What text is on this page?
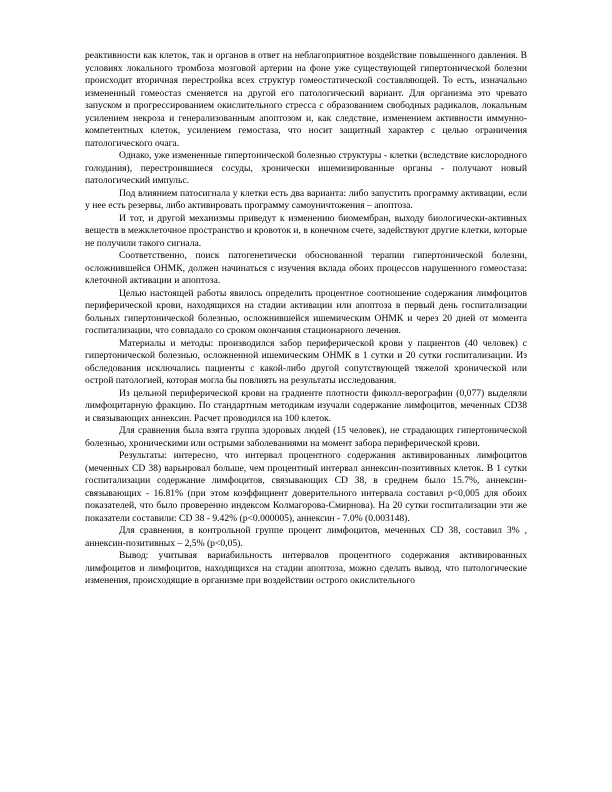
реактивности как клеток, так и органов в ответ на неблагоприятное воздействие повышенного давления. В условиях локального тромбоза мозговой артерии на фоне уже существующей гипертонической болезни происходит вторичная перестройка всех структур гомеостатической составляющей. То есть, изначально измененный гомеостаз сменяется на другой его патологический вариант. Для организма это чревато запуском и прогрессированием окислительного стресса с образованием свободных радикалов, локальным усилением некроза и генерализованным апоптозом и, как следствие, изменением активности иммунно-компетентных клеток, усилением гемостаза, что носит защитный характер с целью ограничения патологического очага.

Однако, уже измененные гипертонической болезнью структуры - клетки (вследствие кислородного голодания), перестроившиеся сосуды, хронически ишемизированные органы - получают новый патологический импульс.

Под влиянием патосигнала у клетки есть два варианта: либо запустить программу активации, если у нее есть резервы, либо активировать программу самоуничтожения – апоптоза.

И тот, и другой механизмы приведут к изменению биомембран, выходу биологически-активных веществ в межклеточное пространство и кровоток и, в конечном счете, задействуют другие клетки, которые не получили такого сигнала.

Соответственно, поиск патогенетически обоснованной терапии гипертонической болезни, осложнившейся ОНМК, должен начинаться с изучения вклада обоих процессов нарушенного гомеостаза: клеточной активации и апоптоза.

Целью настоящей работы явилось определить процентное соотношение содержания лимфоцитов периферической крови, находящихся на стадии активации или апоптоза в первый день госпитализации больных гипертонической болезнью, осложнившейся ишемическим ОНМК и через 20 дней от момента госпитализации, что совпадало со сроком окончания стационарного лечения.

Материалы и методы: производился забор периферической крови у пациентов (40 человек) с гипертонической болезнью, осложненной ишемическим ОНМК в 1 сутки и 20 сутки госпитализации. Из обследования исключались пациенты с какой-либо другой сопутствующей тяжелой хронической или острой патологией, которая могла бы повлиять на результаты исследования.

Из цельной периферической крови на градиенте плотности фиколл-верографин (0,077) выделяли лимфоцитарную фракцию. По стандартным методикам изучали содержание лимфоцитов, меченных CD38 и связывающих аннексин. Расчет проводился на 100 клеток.

Для сравнения была взята группа здоровых людей (15 человек), не страдающих гипертонической болезнью, хроническими или острыми заболеваниями на момент забора периферической крови.

Результаты: интересно, что интервал процентного содержания активированных лимфоцитов (меченных CD 38) варьировал больше, чем процентный интервал аннексин-позитивных клеток. В 1 сутки госпитализации содержание лимфоцитов, связывающих CD 38, в среднем было 15.7%, аннексин-связывающих - 16.81% (при этом коэффициент доверительного интервала составил р<0,005 для обоих показателей, что было проверенно индексом Колмагорова-Смирнова). На 20 сутки госпитализации эти же показатели составили: CD 38 - 9.42% (р<0.000005), аннексин - 7.0% (0.003148).

Для сравнения, в контрольной группе процент лимфоцитов, меченных CD 38, составил 3% , аннексин-позитивных – 2,5% (р<0,05).

Вывод: учитывая вариабильность интервалов процентного содержания активированных лимфоцитов и лимфоцитов, находящихся на стадии апоптоза, можно сделать вывод, что патологические изменения, происходящие в организме при воздействии острого окислительного
